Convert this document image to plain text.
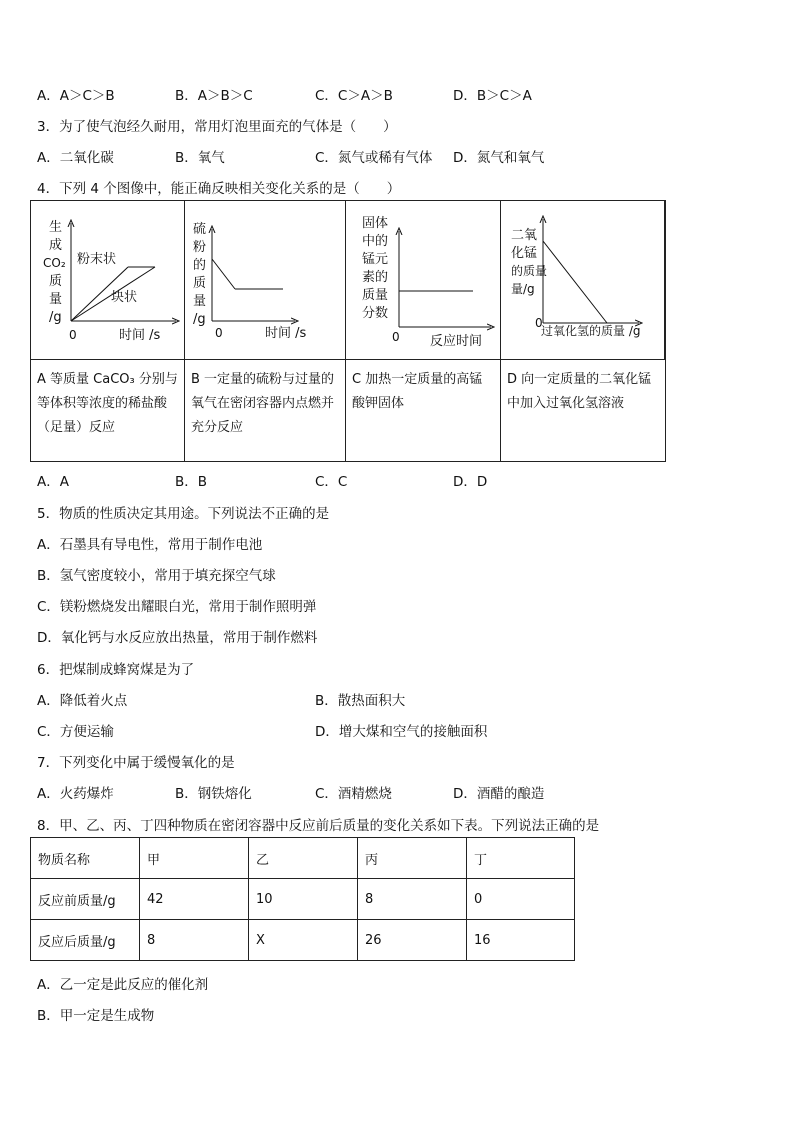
A．A＞C＞B	B．A＞B＞C	C．C＞A＞B	D．B＞C＞A
3．为了使气泡经久耐用，常用灯泡里面充的气体是（　　）
A．二氧化碳	B．氧气	C．氮气或稀有气体 D．氮气和氧气
4．下列 4 个图像中，能正确反映相关变化关系的是（　　）
生
成
CO₂
质
量
/g
粉末状
块状
0	时间 /s
硫
粉
的
质
量
/g
0	时间 /s
固体
中的
锰元
素的
质量
分数
0 反应时间
二氧
化锰
的质量
量/g
0
过氧化氢的质量 /g
A 等质量 CaCO₃ 分别与等体积等浓度的稀盐酸（足量）反应
B 一定量的硫粉与过量的氧气在密闭容器内点燃并充分反应
C 加热一定质量的高锰酸钾固体
D 向一定质量的二氧化锰中加入过氧化氢溶液
A．A	B．B	C．C	D．D
5．物质的性质决定其用途。下列说法不正确的是
A．石墨具有导电性，常用于制作电池
B．氢气密度较小，常用于填充探空气球
C．镁粉燃烧发出耀眼白光，常用于制作照明弹
D．氧化钙与水反应放出热量，常用于制作燃料
6．把煤制成蜂窝煤是为了
A．降低着火点	B．散热面积大
C．方便运输	D．增大煤和空气的接触面积
7．下列变化中属于缓慢氧化的是
A．火药爆炸	B．钢铁熔化	C．酒精燃烧	D．酒醋的酿造
8．甲、乙、丙、丁四种物质在密闭容器中反应前后质量的变化关系如下表。下列说法正确的是
物质名称	甲	乙	丙	丁
反应前质量/g	42	10	8	0
反应后质量/g	8	X	26	16
A．乙一定是此反应的催化剂
B．甲一定是生成物
